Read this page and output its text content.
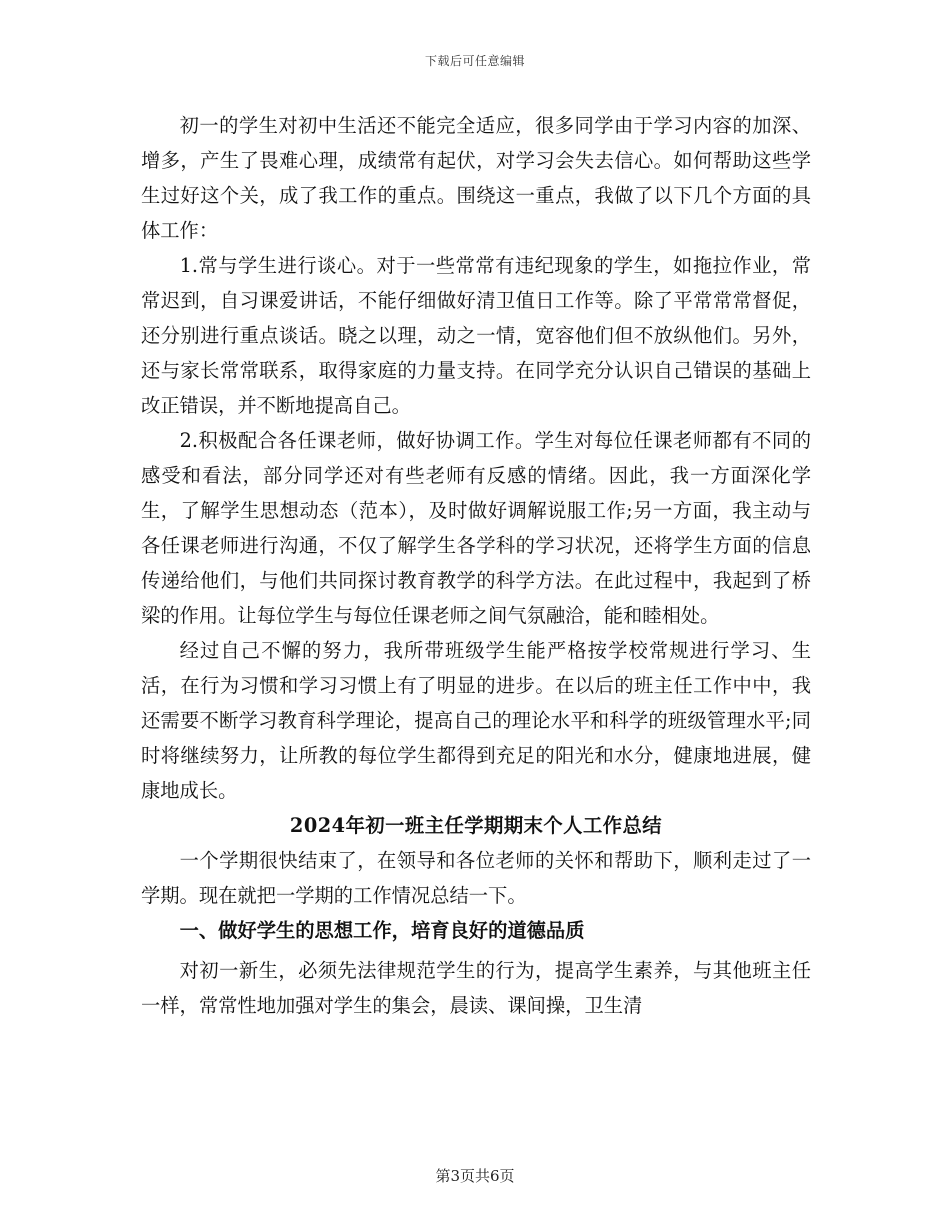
下载后可任意编辑

初一的学生对初中生活还不能完全适应，很多同学由于学习内容的加深、增多，产生了畏难心理，成绩常有起伏，对学习会失去信心。如何帮助这些学生过好这个关，成了我工作的重点。围绕这一重点，我做了以下几个方面的具体工作：

1.常与学生进行谈心。对于一些常常有违纪现象的学生，如拖拉作业，常常迟到，自习课爱讲话，不能仔细做好清卫值日工作等。除了平常常常督促，还分别进行重点谈话。晓之以理，动之一情，宽容他们但不放纵他们。另外，还与家长常常联系，取得家庭的力量支持。在同学充分认识自己错误的基础上改正错误，并不断地提高自己。

2.积极配合各任课老师，做好协调工作。学生对每位任课老师都有不同的感受和看法，部分同学还对有些老师有反感的情绪。因此，我一方面深化学生，了解学生思想动态（范本），及时做好调解说服工作;另一方面，我主动与各任课老师进行沟通，不仅了解学生各学科的学习状况，还将学生方面的信息传递给他们，与他们共同探讨教育教学的科学方法。在此过程中，我起到了桥梁的作用。让每位学生与每位任课老师之间气氛融洽，能和睦相处。

经过自己不懈的努力，我所带班级学生能严格按学校常规进行学习、生活，在行为习惯和学习习惯上有了明显的进步。在以后的班主任工作中中，我还需要不断学习教育科学理论，提高自己的理论水平和科学的班级管理水平;同时将继续努力，让所教的每位学生都得到充足的阳光和水分，健康地进展，健康地成长。

2024年初一班主任学期期末个人工作总结

一个学期很快结束了，在领导和各位老师的关怀和帮助下，顺利走过了一学期。现在就把一学期的工作情况总结一下。

一、做好学生的思想工作，培育良好的道德品质

对初一新生，必须先法律规范学生的行为，提高学生素养，与其他班主任一样，常常性地加强对学生的集会，晨读、课间操，卫生清

第3页共6页
